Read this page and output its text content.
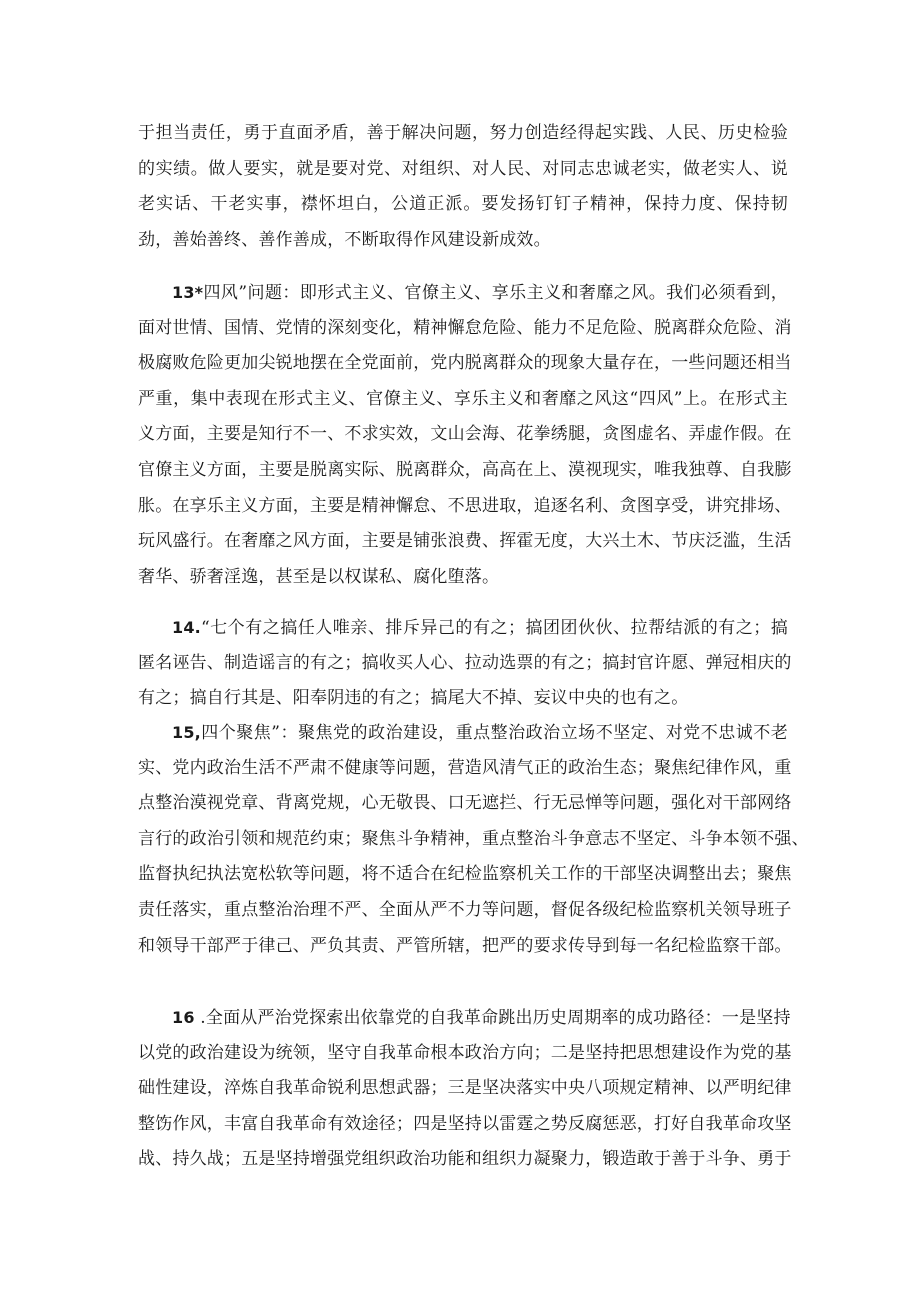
于担当责任，勇于直面矛盾，善于解决问题，努力创造经得起实践、人民、历史检验
的实绩。做人要实，就是要对党、对组织、对人民、对同志忠诚老实，做老实人、说
老实话、干老实事，襟怀坦白，公道正派。要发扬钉钉子精神，保持力度、保持韧
劲，善始善终、善作善成，不断取得作风建设新成效。
13*四风”问题：即形式主义、官僚主义、享乐主义和奢靡之风。我们必须看到，
面对世情、国情、党情的深刻变化，精神懈怠危险、能力不足危险、脱离群众危险、消
极腐败危险更加尖锐地摆在全党面前，党内脱离群众的现象大量存在，一些问题还相当
严重，集中表现在形式主义、官僚主义、享乐主义和奢靡之风这“四风”上。在形式主
义方面，主要是知行不一、不求实效，文山会海、花拳绣腿，贪图虚名、弄虚作假。在
官僚主义方面，主要是脱离实际、脱离群众，高高在上、漠视现实，唯我独尊、自我膨
胀。在享乐主义方面，主要是精神懈怠、不思进取，追逐名利、贪图享受，讲究排场、
玩风盛行。在奢靡之风方面，主要是铺张浪费、挥霍无度，大兴土木、节庆泛滥，生活
奢华、骄奢淫逸，甚至是以权谋私、腐化堕落。
14.“七个有之搞任人唯亲、排斥异己的有之；搞团团伙伙、拉帮结派的有之；搞
匿名诬告、制造谣言的有之；搞收买人心、拉动选票的有之；搞封官许愿、弹冠相庆的
有之；搞自行其是、阳奉阴违的有之；搞尾大不掉、妄议中央的也有之。
15,四个聚焦”：聚焦党的政治建设，重点整治政治立场不坚定、对党不忠诚不老
实、党内政治生活不严肃不健康等问题，营造风清气正的政治生态；聚焦纪律作风，重
点整治漠视党章、背离党规，心无敬畏、口无遮拦、行无忌惮等问题，强化对干部网络
言行的政治引领和规范约束；聚焦斗争精神，重点整治斗争意志不坚定、斗争本领不强、
监督执纪执法宽松软等问题，将不适合在纪检监察机关工作的干部坚决调整出去；聚焦
责任落实，重点整治治理不严、全面从严不力等问题，督促各级纪检监察机关领导班子
和领导干部严于律己、严负其责、严管所辖，把严的要求传导到每一名纪检监察干部。
16 .全面从严治党探索出依靠党的自我革命跳出历史周期率的成功路径：一是坚持
以党的政治建设为统领，坚守自我革命根本政治方向；二是坚持把思想建设作为党的基
础性建设，淬炼自我革命锐利思想武器；三是坚决落实中央八项规定精神、以严明纪律
整饬作风，丰富自我革命有效途径；四是坚持以雷霆之势反腐惩恶，打好自我革命攻坚
战、持久战；五是坚持增强党组织政治功能和组织力凝聚力，锻造敢于善于斗争、勇于
